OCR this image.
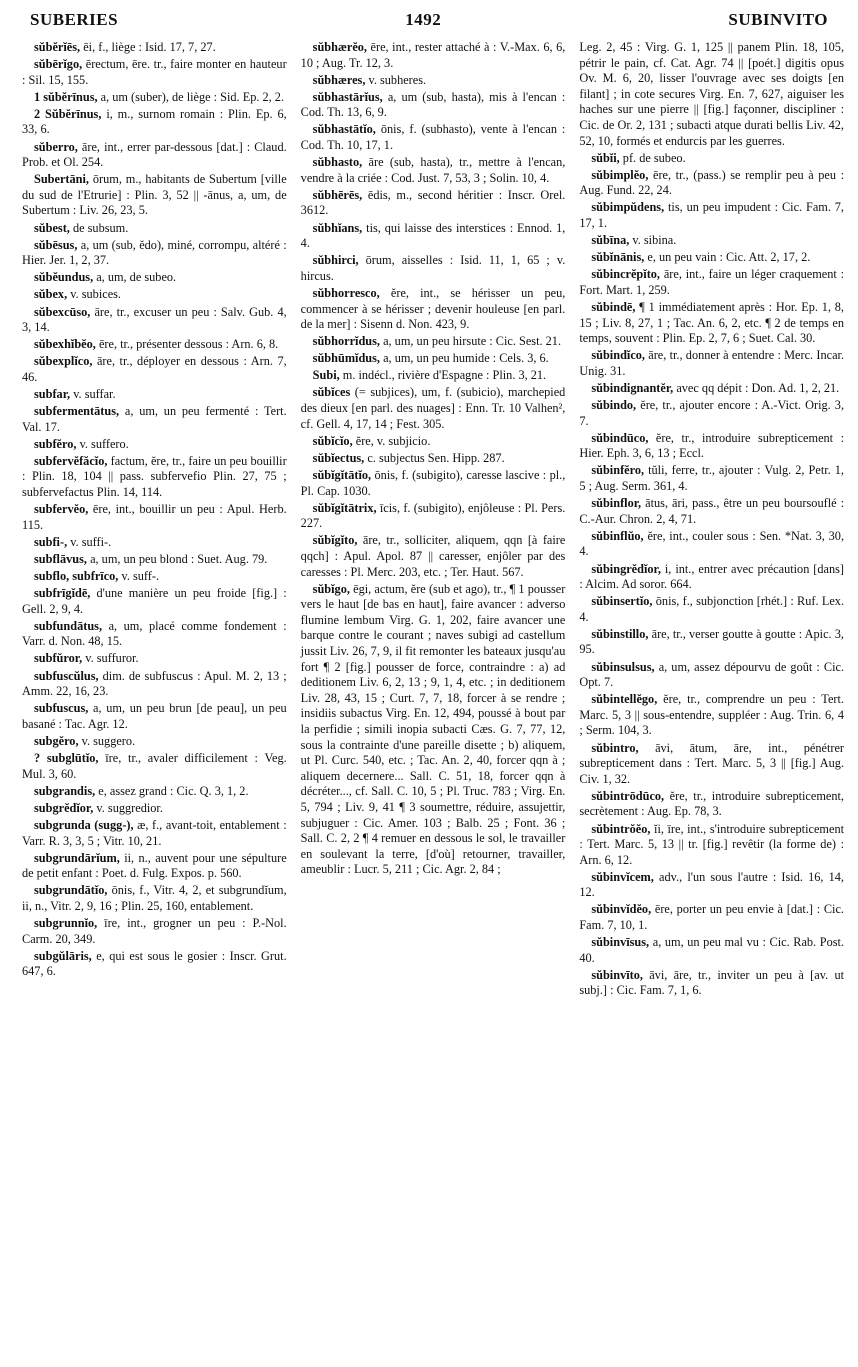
SUBERIES	1492	SUBINVITO

sŭbĕrĭēs, ēi, f., liège : Isid. 17, 7, 27.

sŭbērĭgo, ērectum, ēre. tr., faire monter en hauteur : Sil. 15, 155.

1 sŭbĕrīnus, a, um (suber), de liège : Sid. Ep. 2, 2.

2 Sŭbĕrīnus, i, m., surnom romain : Plin. Ep. 6, 33, 6.

sŭberro, āre, int., errer par-dessous [dat.] : Claud. Prob. et Ol. 254.

Subertāni, ōrum, m., habitants de Subertum [ville du sud de l'Etrurie] : Plin. 3, 52 || -ānus, a, um, de Subertum : Liv. 26, 23, 5.

sŭbest, de subsum.

sŭbēsus, a, um (sub, ĕdo), miné, corrompu, altéré : Hier. Jer. 1, 2, 37.

sŭbĕundus, a, um, de subeo.

sŭbex, v. subices.

sŭbexcūso, āre, tr., excuser un peu : Salv. Gub. 4, 3, 14.

sŭbexhĭbĕo, ēre, tr., présenter dessous : Arn. 6, 8.

sŭbexplĭco, āre, tr., déployer en dessous : Arn. 7, 46.

subfar, v. suffar.

subfermentātus, a, um, un peu fermenté : Tert. Val. 17.

subfĕro, v. suffero.

subfervĕfăcĭo, factum, ĕre, tr., faire un peu bouillir : Plin. 18, 104 || pass. subfervefio Plin. 27, 75 ; subfervefactus Plin. 14, 114.

subfervĕo, ēre, int., bouillir un peu : Apul. Herb. 115.

subfi-, v. suffi-.

subflāvus, a, um, un peu blond : Suet. Aug. 79.

subflo, subfrīco, v. suff-.

subfrīgĭdē, d'une manière un peu froide [fig.] : Gell. 2, 9, 4.

subfundātus, a, um, placé comme fondement : Varr. d. Non. 48, 15.

subfŭror, v. suffuror.

subfuscŭlus, dim. de subfuscus : Apul. M. 2, 13 ; Amm. 22, 16, 23.

subfuscus, a, um, un peu brun [de peau], un peu basané : Tac. Agr. 12.

subgĕro, v. suggero.

? subglūtĭo, īre, tr., avaler difficilement : Veg. Mul. 3, 60.

subgrandis, e, assez grand : Cic. Q. 3, 1, 2.

subgrĕdĭor, v. suggredior.

subgrunda (sugg-), æ, f., avant-toit, entablement : Varr. R. 3, 3, 5 ; Vitr. 10, 21.

subgrundārĭum, ii, n., auvent pour une sépulture de petit enfant : Poet. d. Fulg. Expos. p. 560.

subgrundātĭo, ōnis, f., Vitr. 4, 2, et subgrundĭum, ii, n., Vitr. 2, 9, 16 ; Plin. 25, 160, entablement.

subgrunnĭo, īre, int., grogner un peu : P.-Nol. Carm. 20, 349.

subgŭlāris, e, qui est sous le gosier : Inscr. Grut. 647, 6.

sŭbhærĕo, ēre, int., rester attaché à : V.-Max. 6, 6, 10 ; Aug. Tr. 12, 3.

sŭbhæres, v. subheres.

sŭbhastārĭus, a, um (sub, hasta), mis à l'encan : Cod. Th. 13, 6, 9.

sŭbhastātĭo, ōnis, f. (subhasto), vente à l'encan : Cod. Th. 10, 17, 1.

sŭbhasto, āre (sub, hasta), tr., mettre à l'encan, vendre à la criée : Cod. Just. 7, 53, 3 ; Solin. 10, 4.

sŭbhērēs, ēdis, m., second héritier : Inscr. Orel. 3612.

sŭbhĭans, tis, qui laisse des interstices : Ennod. 1, 4.

sŭbhirci, ōrum, aisselles : Isid. 11, 1, 65 ; v. hircus.

sŭbhorresco, ĕre, int., se hérisser un peu, commencer à se hérisser ; devenir houleuse [en parl. de la mer] : Sisenn d. Non. 423, 9.

sŭbhorrĭdus, a, um, un peu hirsute : Cic. Sest. 21.

sŭbhūmĭdus, a, um, un peu humide : Cels. 3, 6.

Subi, m. indécl., rivière d'Espagne : Plin. 3, 21.

sŭbĭces (= subjices), um, f. (subicio), marchepied des dieux [en parl. des nuages] : Enn. Tr. 10 Valhen², cf. Gell. 4, 17, 14 ; Fest. 305.

sŭbĭcĭo, ĕre, v. subjicio.

sŭbĭectus, c. subjectus Sen. Hipp. 287.

sŭbĭgĭtātĭo, ōnis, f. (subigito), caresse lascive : pl., Pl. Cap. 1030.

sŭbĭgĭtātrix, īcis, f. (subigito), enjôleuse : Pl. Pers. 227.

sŭbĭgĭto, āre, tr., solliciter, aliquem, qqn [à faire qqch] : Apul. Apol. 87 || caresser, enjôler par des caresses : Pl. Merc. 203, etc. ; Ter. Haut. 567.

sŭbĭgo, ēgi, actum, ĕre (sub et ago), tr., ¶ 1 pousser vers le haut [de bas en haut], faire avancer : adverso flumine lembum Virg. G. 1, 202, faire avancer une barque contre le courant ; naves subigi ad castellum jussit Liv. 26, 7, 9, il fit remonter les bateaux jusqu'au fort ¶ 2 [fig.] pousser de force, contraindre : a) ad deditionem Liv. 6, 2, 13 ; 9, 1, 4, etc. ; in deditionem Liv. 28, 43, 15 ; Curt. 7, 7, 18, forcer à se rendre ; insidiis subactus Virg. En. 12, 494, poussé à bout par la perfidie ; simili inopia subacti Cæs. G. 7, 77, 12, sous la contrainte d'une pareille disette ; b) aliquem, ut Pl. Curc. 540, etc. ; Tac. An. 2, 40, forcer qqn à ; aliquem decernere... Sall. C. 51, 18, forcer qqn à décréter..., cf. Sall. C. 10, 5 ; Pl. Truc. 783 ; Virg. En. 5, 794 ; Liv. 9, 41 ¶ 3 soumettre, réduire, assujettir, subjuguer : Cic. Amer. 103 ; Balb. 25 ; Font. 36 ; Sall. C. 2, 2 ¶ 4 remuer en dessous le sol, le travailler en soulevant la terre, [d'où] retourner, travailler, ameublir : Lucr. 5, 211 ; Cic. Agr. 2, 84 ;

Leg. 2, 45 : Virg. G. 1, 125 || panem Plin. 18, 105, pétrir le pain, cf. Cat. Agr. 74 || [poét.] digitis opus Ov. M. 6, 20, lisser l'ouvrage avec ses doigts [en filant] ; in cote secures Virg. En. 7, 627, aiguiser les haches sur une pierre || [fig.] façonner, discipliner : Cic. de Or. 2, 131 ; subacti atque durati bellis Liv. 42, 52, 10, formés et endurcis par les guerres.

sŭbĭi, pf. de subeo.

sŭbimplĕo, ēre, tr., (pass.) se remplir peu à peu : Aug. Fund. 22, 24.

sŭbimpŭdens, tis, un peu impudent : Cic. Fam. 7, 17, 1.

sŭbīna, v. sibina.

sŭbĭnānis, e, un peu vain : Cic. Att. 2, 17, 2.

sŭbincrĕpĭto, āre, int., faire un léger craquement : Fort. Mart. 1, 259.

sŭbindē, ¶ 1 immédiatement après : Hor. Ep. 1, 8, 15 ; Liv. 8, 27, 1 ; Tac. An. 6, 2, etc. ¶ 2 de temps en temps, souvent : Plin. Ep. 2, 7, 6 ; Suet. Cal. 30.

sŭbindĭco, āre, tr., donner à entendre : Merc. Incar. Unig. 31.

sŭbindignantĕr, avec qq dépit : Don. Ad. 1, 2, 21.

sŭbindo, ĕre, tr., ajouter encore : A.-Vict. Orig. 3, 7.

sŭbindūco, ĕre, tr., introduire subrepticement : Hier. Eph. 3, 6, 13 ; Eccl.

sŭbinfĕro, tŭli, ferre, tr., ajouter : Vulg. 2, Petr. 1, 5 ; Aug. Serm. 361, 4.

sŭbinflor, ātus, āri, pass., être un peu boursouflé : C.-Aur. Chron. 2, 4, 71.

sŭbinflŭo, ĕre, int., couler sous : Sen. *Nat. 3, 30, 4.

sŭbingrĕdĭor, i, int., entrer avec précaution [dans] : Alcim. Ad soror. 664.

sŭbinsertĭo, ōnis, f., subjonction [rhét.] : Ruf. Lex. 4.

sŭbinstillo, āre, tr., verser goutte à goutte : Apic. 3, 95.

sŭbinsulsus, a, um, assez dépourvu de goût : Cic. Opt. 7.

sŭbintellĕgo, ĕre, tr., comprendre un peu : Tert. Marc. 5, 3 || sous-entendre, suppléer : Aug. Trin. 6, 4 ; Serm. 104, 3.

sŭbintro, āvi, ātum, āre, int., pénétrer subrepticement dans : Tert. Marc. 5, 3 || [fig.] Aug. Civ. 1, 32.

sŭbintrōdūco, ĕre, tr., introduire subrepticement, secrètement : Aug. Ep. 78, 3.

sŭbintrŏĕo, ĭi, īre, int., s'introduire subrepticement : Tert. Marc. 5, 13 || tr. [fig.] revêtir (la forme de) : Arn. 6, 12.

sŭbinvĭcem, adv., l'un sous l'autre : Isid. 16, 14, 12.

sŭbinvĭdĕo, ēre, porter un peu envie à [dat.] : Cic. Fam. 7, 10, 1.

sŭbinvīsus, a, um, un peu mal vu : Cic. Rab. Post. 40.

sŭbinvīto, āvi, āre, tr., inviter un peu à [av. ut subj.] : Cic. Fam. 7, 1, 6.
